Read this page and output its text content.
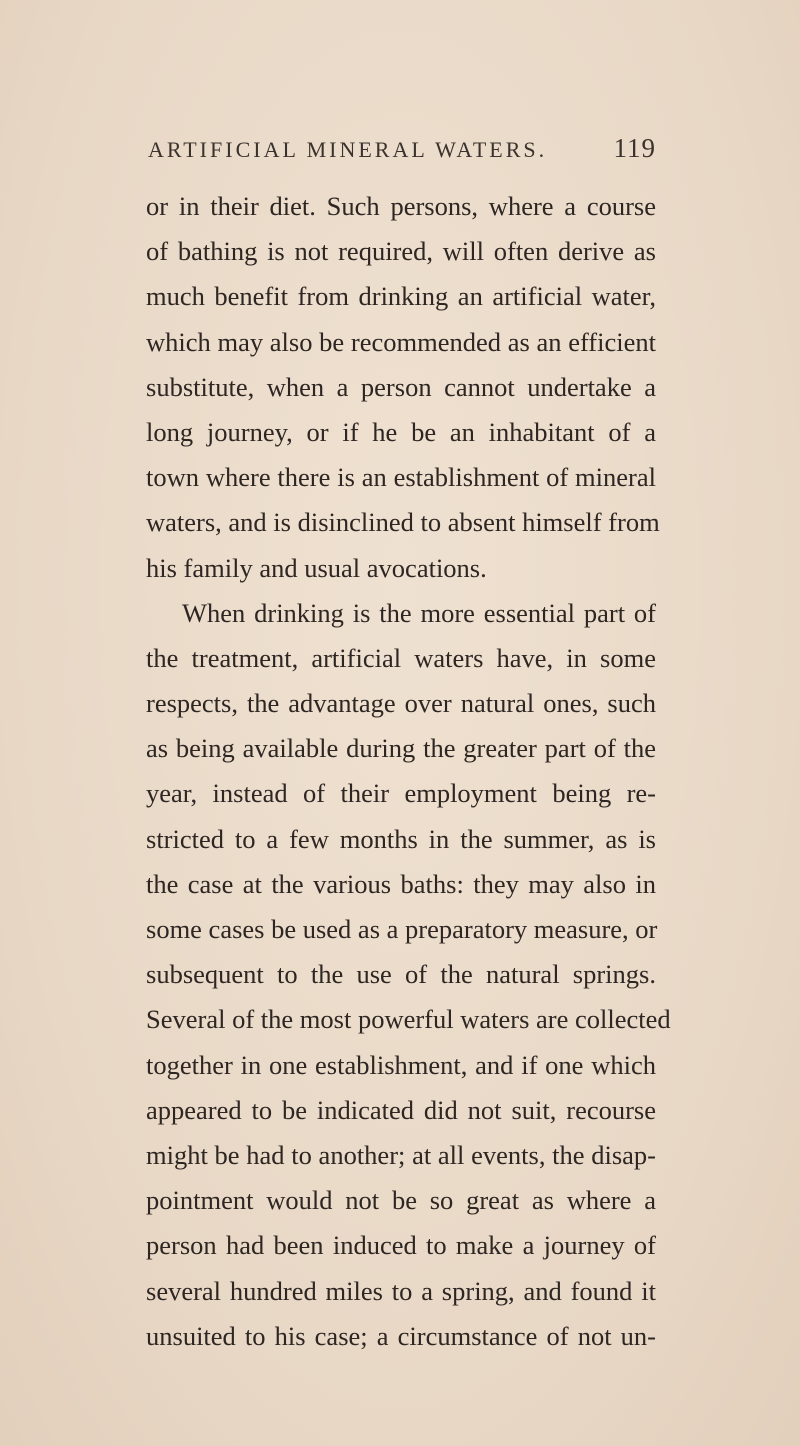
ARTIFICIAL MINERAL WATERS. 119
or in their diet. Such persons, where a course
of bathing is not required, will often derive as
much benefit from drinking an artificial water,
which may also be recommended as an efficient
substitute, when a person cannot undertake a
long journey, or if he be an inhabitant of a
town where there is an establishment of mineral
waters, and is disinclined to absent himself from
his family and usual avocations.
When drinking is the more essential part of
the treatment, artificial waters have, in some
respects, the advantage over natural ones, such
as being available during the greater part of the
year, instead of their employment being re-
stricted to a few months in the summer, as is
the case at the various baths: they may also in
some cases be used as a preparatory measure, or
subsequent to the use of the natural springs.
Several of the most powerful waters are collected
together in one establishment, and if one which
appeared to be indicated did not suit, recourse
might be had to another; at all events, the disap-
pointment would not be so great as where a
person had been induced to make a journey of
several hundred miles to a spring, and found it
unsuited to his case; a circumstance of not un-
